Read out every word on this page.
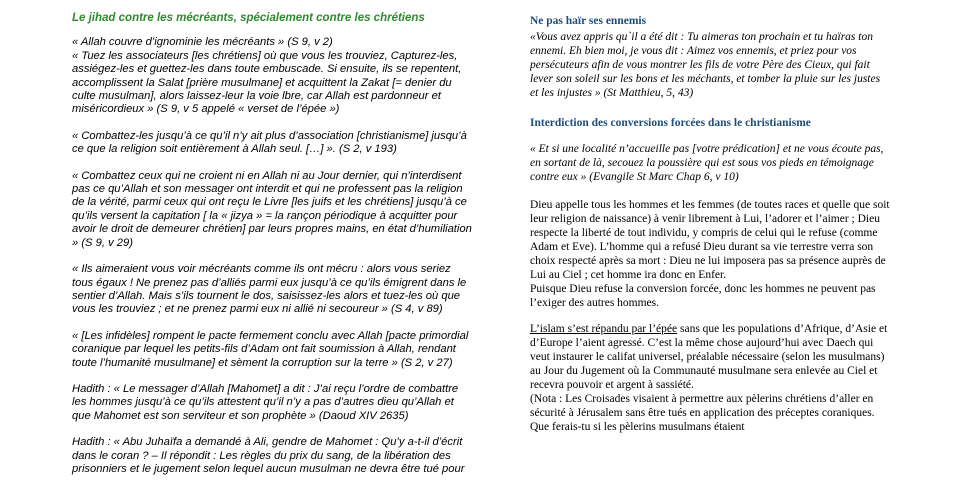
Le jihad contre les mécréants, spécialement contre les chrétiens

« Allah couvre d’ignominie les mécréants » (S 9, v 2)

« Tuez les associateurs [les chrétiens] où que vous les trouviez, Capturez-les, assiégez-les et guettez-les dans toute embuscade. Si ensuite, ils se repentent, accomplissent la Salat [prière musulmane] et acquittent la Zakat [= denier du culte musulman], alors laissez-leur la voie lbre, car Allah est pardonneur et miséricordieux » (S 9, v 5 appelé « verset de l’épée »)

« Combattez-les jusqu’à ce qu’il n’y ait plus d’association [christianisme] jusqu’à ce que la religion soit entièrement à Allah seul. […] ». (S 2, v 193)

« Combattez ceux qui ne croient ni en Allah ni au Jour dernier, qui n’interdisent pas ce qu’Allah et son messager ont interdit et qui ne professent pas la religion de la vérité, parmi ceux qui ont reçu le Livre [les juifs et les chrétiens] jusqu’à ce qu’ils versent la capitation [ la « jizya » = la rançon périodique à acquitter pour avoir le droit de demeurer chrétien] par leurs propres mains, en état d’humiliation » (S 9, v 29)

« Ils aimeraient vous voir mécréants comme ils ont mécru : alors vous seriez tous égaux ! Ne prenez pas d’alliés parmi eux jusqu’à ce qu’ils émigrent dans le sentier d’Allah. Mais s’ils tournent le dos, saisissez-les alors et tuez-les où que vous les trouviez ; et ne prenez parmi eux ni allié ni secoureur » (S 4, v 89)

« [Les infidèles] rompent le pacte fermement conclu avec Allah [pacte primordial coranique par lequel les petits-fils d’Adam ont fait soumission à Allah, rendant toute l’humanité musulmane] et sèment la corruption sur la terre » (S 2, v 27)

Hadith : « Le messager d’Allah [Mahomet] a dit : J’ai reçu l’ordre de combattre les hommes jusqu’à ce qu’ils attestent qu’il n’y a pas d’autres dieu qu’Allah et que Mahomet est son serviteur et son prophète » (Daoud XIV 2635)

Hadith : « Abu Juhaïfa a demandé à Ali, gendre de Mahomet : Qu’y a-t-il d’écrit dans le coran ? – Il répondit : Les règles du prix du sang, de la libération des prisonniers et le jugement selon lequel aucun musulman ne devra être tué pour

Ne pas haïr ses ennemis

«Vous avez appris qu`il a été dit : Tu aimeras ton prochain et tu haïras ton ennemi. Eh bien moi, je vous dit : Aimez vos ennemis, et priez pour vos persécuteurs afin de vous montrer les fils de votre Père des Cieux, qui fait lever son soleil sur les bons et les méchants, et tomber la pluie sur les justes et les injustes » (St Matthieu, 5, 43)

Interdiction des conversions forcées dans le christianisme

« Et si une localité n’accueille pas [votre prédication] et ne vous écoute pas, en sortant de là, secouez la poussière qui est sous vos pieds en témoignage contre eux » (Evangile St Marc Chap 6, v 10)

Dieu appelle tous les hommes et les femmes (de toutes races et quelle que soit leur religion de naissance) à venir librement à Lui, l’adorer et l’aimer ; Dieu respecte la liberté de tout individu, y compris de celui qui le refuse (comme Adam et Eve). L’homme qui a refusé Dieu durant sa vie terrestre verra son choix respecté après sa mort : Dieu ne lui imposera pas sa présence auprès de Lui au Ciel ; cet homme ira donc en Enfer.

Puisque Dieu refuse la conversion forcée, donc les hommes ne peuvent pas l’exiger des autres hommes.

L’islam s’est répandu par l’épée sans que les populations d’Afrique, d’Asie et d’Europe l’aient agressé. C’est la même chose aujourd’hui avec Daech qui veut instaurer le califat universel, préalable nécessaire (selon les musulmans) au Jour du Jugement où la Communauté musulmane sera enlevée au Ciel et recevra pouvoir et argent à sassiété.

(Nota : Les Croisades visaient à permettre aux pèlerins chrétiens d’aller en sécurité à Jérusalem sans être tués en application des préceptes coraniques. Que ferais-tu si les pèlerins musulmans étaient
